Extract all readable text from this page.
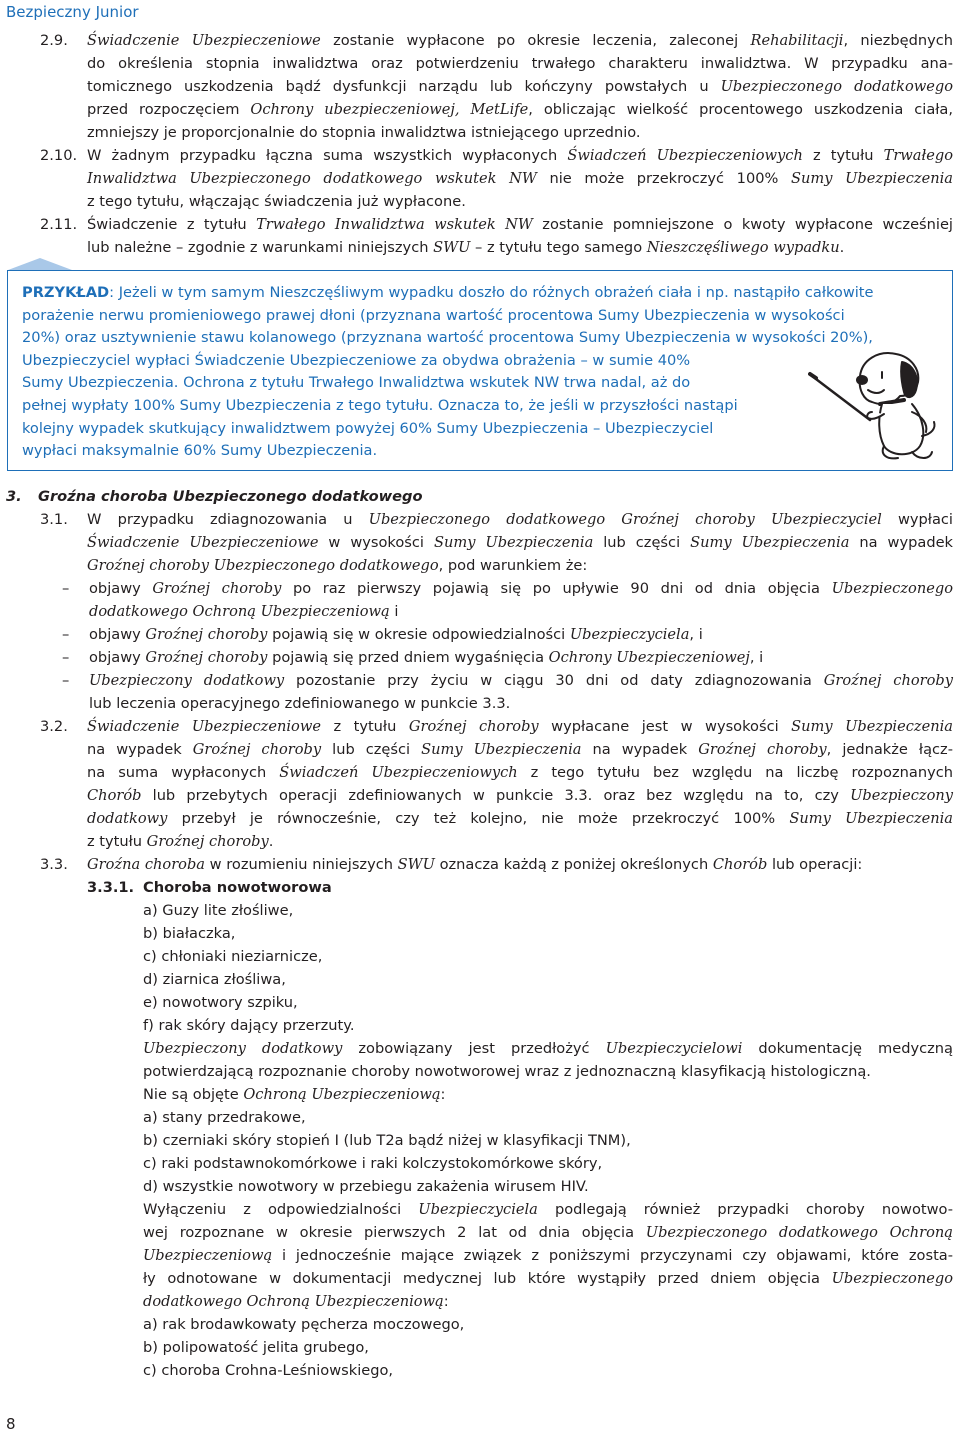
Bezpieczny Junior
2.9. Świadczenie Ubezpieczeniowe zostanie wypłacone po okresie leczenia, zaleconej Rehabilitacji, niezbędnych
do określenia stopnia inwalidztwa oraz potwierdzeniu trwałego charakteru inwalidztwa. W przypadku ana-
tomicznego uszkodzenia bądź dysfunkcji narządu lub kończyny powstałych u Ubezpieczonego dodatkowego
przed rozpoczęciem Ochrony ubezpieczeniowej, MetLife, obliczając wielkość procentowego uszkodzenia ciała,
zmniejszy je proporcjonalnie do stopnia inwalidztwa istniejącego uprzednio.
2.10. W żadnym przypadku łączna suma wszystkich wypłaconych Świadczeń Ubezpieczeniowych z tytułu Trwałego
Inwalidztwa Ubezpieczonego dodatkowego wskutek NW nie może przekroczyć 100% Sumy Ubezpieczenia
z tego tytułu, włączając świadczenia już wypłacone.
2.11. Świadczenie z tytułu Trwałego Inwalidztwa wskutek NW zostanie pomniejszone o kwoty wypłacone wcześniej
lub należne – zgodnie z warunkami niniejszych SWU – z tytułu tego samego Nieszczęśliwego wypadku.
PRZYKŁAD: Jeżeli w tym samym Nieszczęśliwym wypadku doszło do różnych obrażeń ciała i np. nastąpiło całkowite
porażenie nerwu promieniowego prawej dłoni (przyznana wartość procentowa Sumy Ubezpieczenia w wysokości
20%) oraz usztywnienie stawu kolanowego (przyznana wartość procentowa Sumy Ubezpieczenia w wysokości 20%),
Ubezpieczyciel wypłaci Świadczenie Ubezpieczeniowe za obydwa obrażenia – w sumie 40%
Sumy Ubezpieczenia. Ochrona z tytułu Trwałego Inwalidztwa wskutek NW trwa nadal, aż do
pełnej wypłaty 100% Sumy Ubezpieczenia z tego tytułu. Oznacza to, że jeśli w przyszłości nastąpi
kolejny wypadek skutkujący inwalidztwem powyżej 60% Sumy Ubezpieczenia – Ubezpieczyciel
wypłaci maksymalnie 60% Sumy Ubezpieczenia.
3. Groźna choroba Ubezpieczonego dodatkowego
3.1. W przypadku zdiagnozowania u Ubezpieczonego dodatkowego Groźnej choroby Ubezpieczyciel wypłaci
Świadczenie Ubezpieczeniowe w wysokości Sumy Ubezpieczenia lub części Sumy Ubezpieczenia na wypadek
Groźnej choroby Ubezpieczonego dodatkowego, pod warunkiem że:
– objawy Groźnej choroby po raz pierwszy pojawią się po upływie 90 dni od dnia objęcia Ubezpieczonego
dodatkowego Ochroną Ubezpieczeniową i
– objawy Groźnej choroby pojawią się w okresie odpowiedzialności Ubezpieczyciela, i
– objawy Groźnej choroby pojawią się przed dniem wygaśnięcia Ochrony Ubezpieczeniowej, i
– Ubezpieczony dodatkowy pozostanie przy życiu w ciągu 30 dni od daty zdiagnozowania Groźnej choroby
lub leczenia operacyjnego zdefiniowanego w punkcie 3.3.
3.2. Świadczenie Ubezpieczeniowe z tytułu Groźnej choroby wypłacane jest w wysokości Sumy Ubezpieczenia
na wypadek Groźnej choroby lub części Sumy Ubezpieczenia na wypadek Groźnej choroby, jednakże łącz-
na suma wypłaconych Świadczeń Ubezpieczeniowych z tego tytułu bez względu na liczbę rozpoznanych
Chorób lub przebytych operacji zdefiniowanych w punkcie 3.3. oraz bez względu na to, czy Ubezpieczony
dodatkowy przebył je równocześnie, czy też kolejno, nie może przekroczyć 100% Sumy Ubezpieczenia
z tytułu Groźnej choroby.
3.3. Groźna choroba w rozumieniu niniejszych SWU oznacza każdą z poniżej określonych Chorób lub operacji:
3.3.1. Choroba nowotworowa
a) Guzy lite złośliwe,
b) białaczka,
c) chłoniaki nieziarnicze,
d) ziarnica złośliwa,
e) nowotwory szpiku,
f) rak skóry dający przerzuty.
Ubezpieczony dodatkowy zobowiązany jest przedłożyć Ubezpieczycielowi dokumentację medyczną
potwierdzającą rozpoznanie choroby nowotworowej wraz z jednoznaczną klasyfikacją histologiczną.
Nie są objęte Ochroną Ubezpieczeniową:
a) stany przedrakowe,
b) czerniaki skóry stopień I (lub T2a bądź niżej w klasyfikacji TNM),
c) raki podstawnokomórkowe i raki kolczystokomórkowe skóry,
d) wszystkie nowotwory w przebiegu zakażenia wirusem HIV.
Wyłączeniu z odpowiedzialności Ubezpieczyciela podlegają również przypadki choroby nowotwo-
wej rozpoznane w okresie pierwszych 2 lat od dnia objęcia Ubezpieczonego dodatkowego Ochroną
Ubezpieczeniową i jednocześnie mające związek z poniższymi przyczynami czy objawami, które zosta-
ły odnotowane w dokumentacji medycznej lub które wystąpiły przed dniem objęcia Ubezpieczonego
dodatkowego Ochroną Ubezpieczeniową:
a) rak brodawkowaty pęcherza moczowego,
b) polipowatość jelita grubego,
c) choroba Crohna-Leśniowskiego,
8
